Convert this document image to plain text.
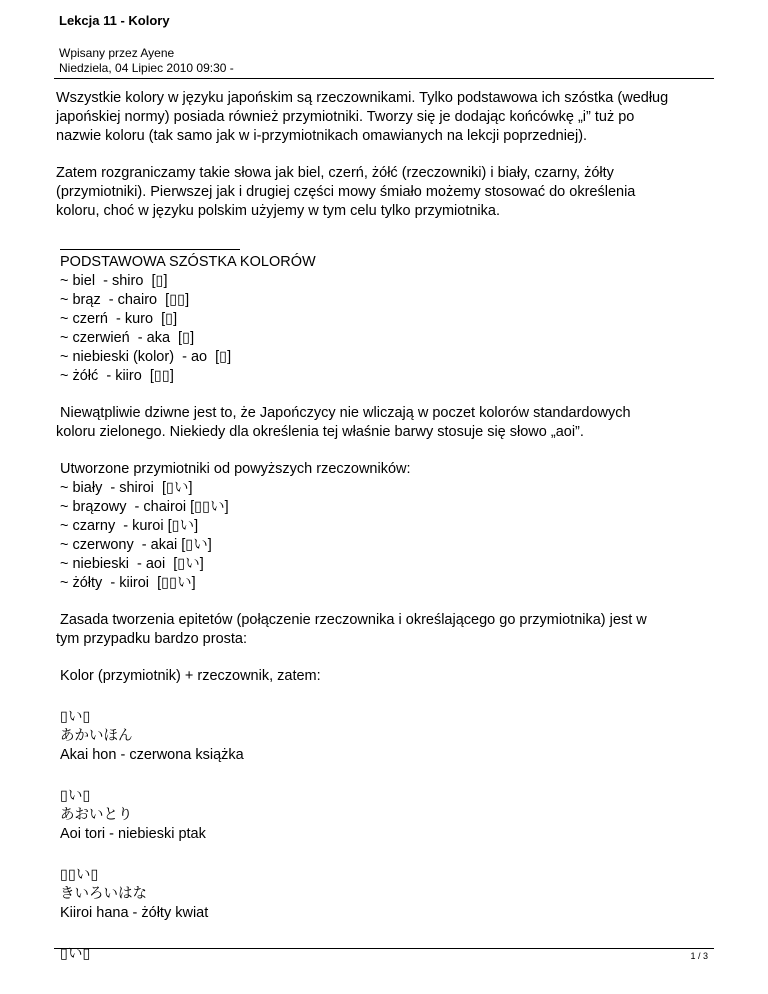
Lekcja 11 - Kolory
Wpisany przez Ayene
Niedziela, 04 Lipiec 2010 09:30 -
Wszystkie kolory w języku japońskim są rzeczownikami. Tylko podstawowa ich szóstka (według
japońskiej normy) posiada również przymiotniki. Tworzy się je dodając końcówkę „i” tuż po
nazwie koloru (tak samo jak w i-przymiotnikach omawianych na lekcji poprzedniej).
Zatem rozgraniczamy takie słowa jak biel, czerń, żółć (rzeczowniki) i biały, czarny, żółty
(przymiotniki). Pierwszej jak i drugiej części mowy śmiało możemy stosować do określenia
koloru, choć w języku polskim użyjemy w tym celu tylko przymiotnika.
PODSTAWOWA SZÓSTKA KOLORÓW
~ biel  - shiro  [▯]
~ brąz  - chairo  [▯▯]
~ czerń  - kuro  [▯]
~ czerwień  - aka  [▯]
~ niebieski (kolor)  - ao  [▯]
~ żółć  - kiiro  [▯▯]
Niewątpliwie dziwne jest to, że Japończycy nie wliczają w poczet kolorów standardowych
koloru zielonego. Niekiedy dla określenia tej właśnie barwy stosuje się słowo „aoi”.
Utworzone przymiotniki od powyższych rzeczowników:
~ biały  - shiroi  [▯い]
~ brązowy  - chairoi [▯▯い]
~ czarny  - kuroi [▯い]
~ czerwony  - akai [▯い]
~ niebieski  - aoi  [▯い]
~ żółty  - kiiroi  [▯▯い]
Zasada tworzenia epitetów (połączenie rzeczownika i określającego go przymiotnika) jest w
tym przypadku bardzo prosta:
Kolor (przymiotnik) + rzeczownik, zatem:
▯い▯
あかいほん
Akai hon - czerwona książka
▯い▯
あおいとり
Aoi tori - niebieski ptak
▯▯い▯
きいろいはな
Kiiroi hana - żółty kwiat
▯い▯	1 / 3
